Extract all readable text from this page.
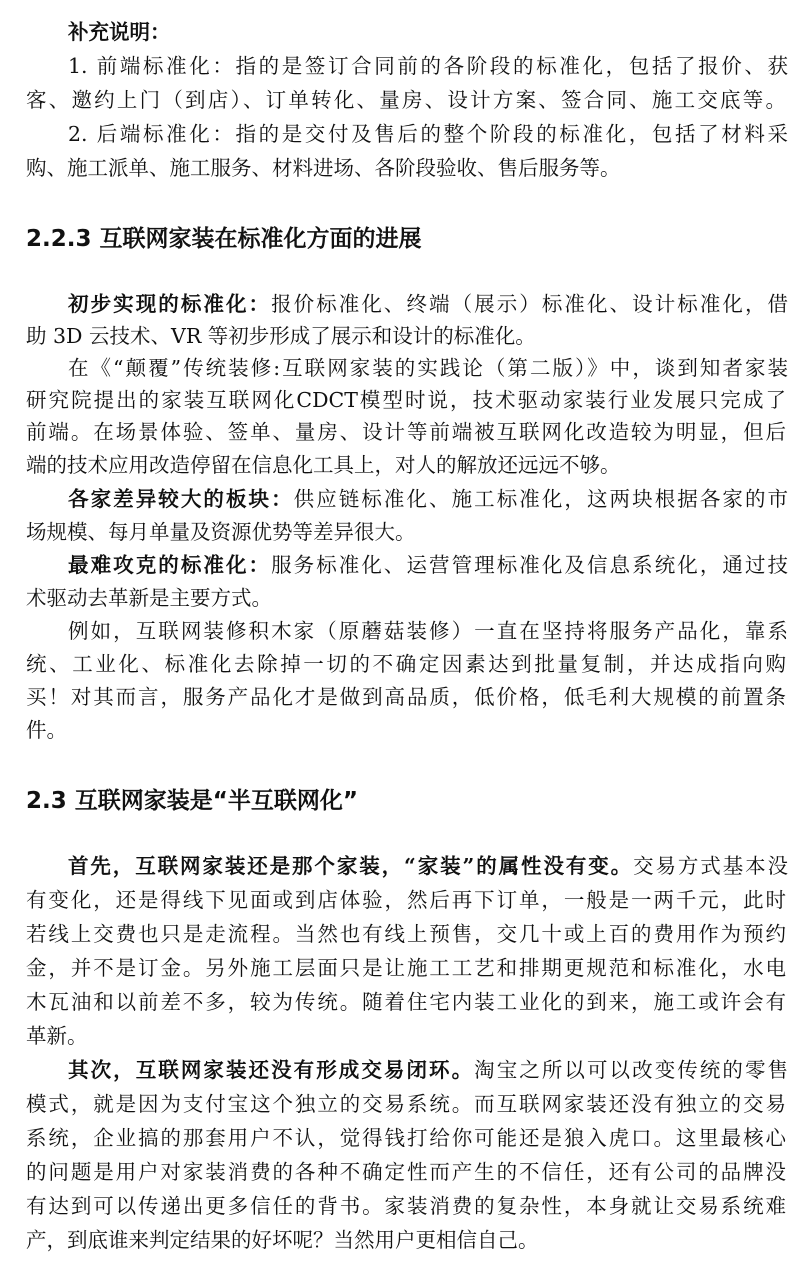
补充说明：
1. 前端标准化：指的是签订合同前的各阶段的标准化，包括了报价、获
客、邀约上门（到店）、订单转化、量房、设计方案、签合同、施工交底等。
2. 后端标准化：指的是交付及售后的整个阶段的标准化，包括了材料采
购、施工派单、施工服务、材料进场、各阶段验收、售后服务等。
2.2.3 互联网家装在标准化方面的进展
初步实现的标准化：报价标准化、终端（展示）标准化、设计标准化，借
助 3D 云技术、VR 等初步形成了展示和设计的标准化。
在《“颠覆”传统装修:互联网家装的实践论（第二版）》中，谈到知者家装
研究院提出的家装互联网化CDCT模型时说，技术驱动家装行业发展只完成了
前端。在场景体验、签单、量房、设计等前端被互联网化改造较为明显，但后
端的技术应用改造停留在信息化工具上，对人的解放还远远不够。
各家差异较大的板块：供应链标准化、施工标准化，这两块根据各家的市
场规模、每月单量及资源优势等差异很大。
最难攻克的标准化：服务标准化、运营管理标准化及信息系统化，通过技
术驱动去革新是主要方式。
例如，互联网装修积木家（原蘑菇装修）一直在坚持将服务产品化，靠系
统、工业化、标准化去除掉一切的不确定因素达到批量复制，并达成指向购
买！对其而言，服务产品化才是做到高品质，低价格，低毛利大规模的前置条
件。
2.3 互联网家装是“半互联网化”
首先，互联网家装还是那个家装，“家装”的属性没有变。交易方式基本没
有变化，还是得线下见面或到店体验，然后再下订单，一般是一两千元，此时
若线上交费也只是走流程。当然也有线上预售，交几十或上百的费用作为预约
金，并不是订金。另外施工层面只是让施工工艺和排期更规范和标准化，水电
木瓦油和以前差不多，较为传统。随着住宅内装工业化的到来，施工或许会有
革新。
其次，互联网家装还没有形成交易闭环。淘宝之所以可以改变传统的零售
模式，就是因为支付宝这个独立的交易系统。而互联网家装还没有独立的交易
系统，企业搞的那套用户不认，觉得钱打给你可能还是狼入虎口。这里最核心
的问题是用户对家装消费的各种不确定性而产生的不信任，还有公司的品牌没
有达到可以传递出更多信任的背书。家装消费的复杂性，本身就让交易系统难
产，到底谁来判定结果的好坏呢？当然用户更相信自己。
